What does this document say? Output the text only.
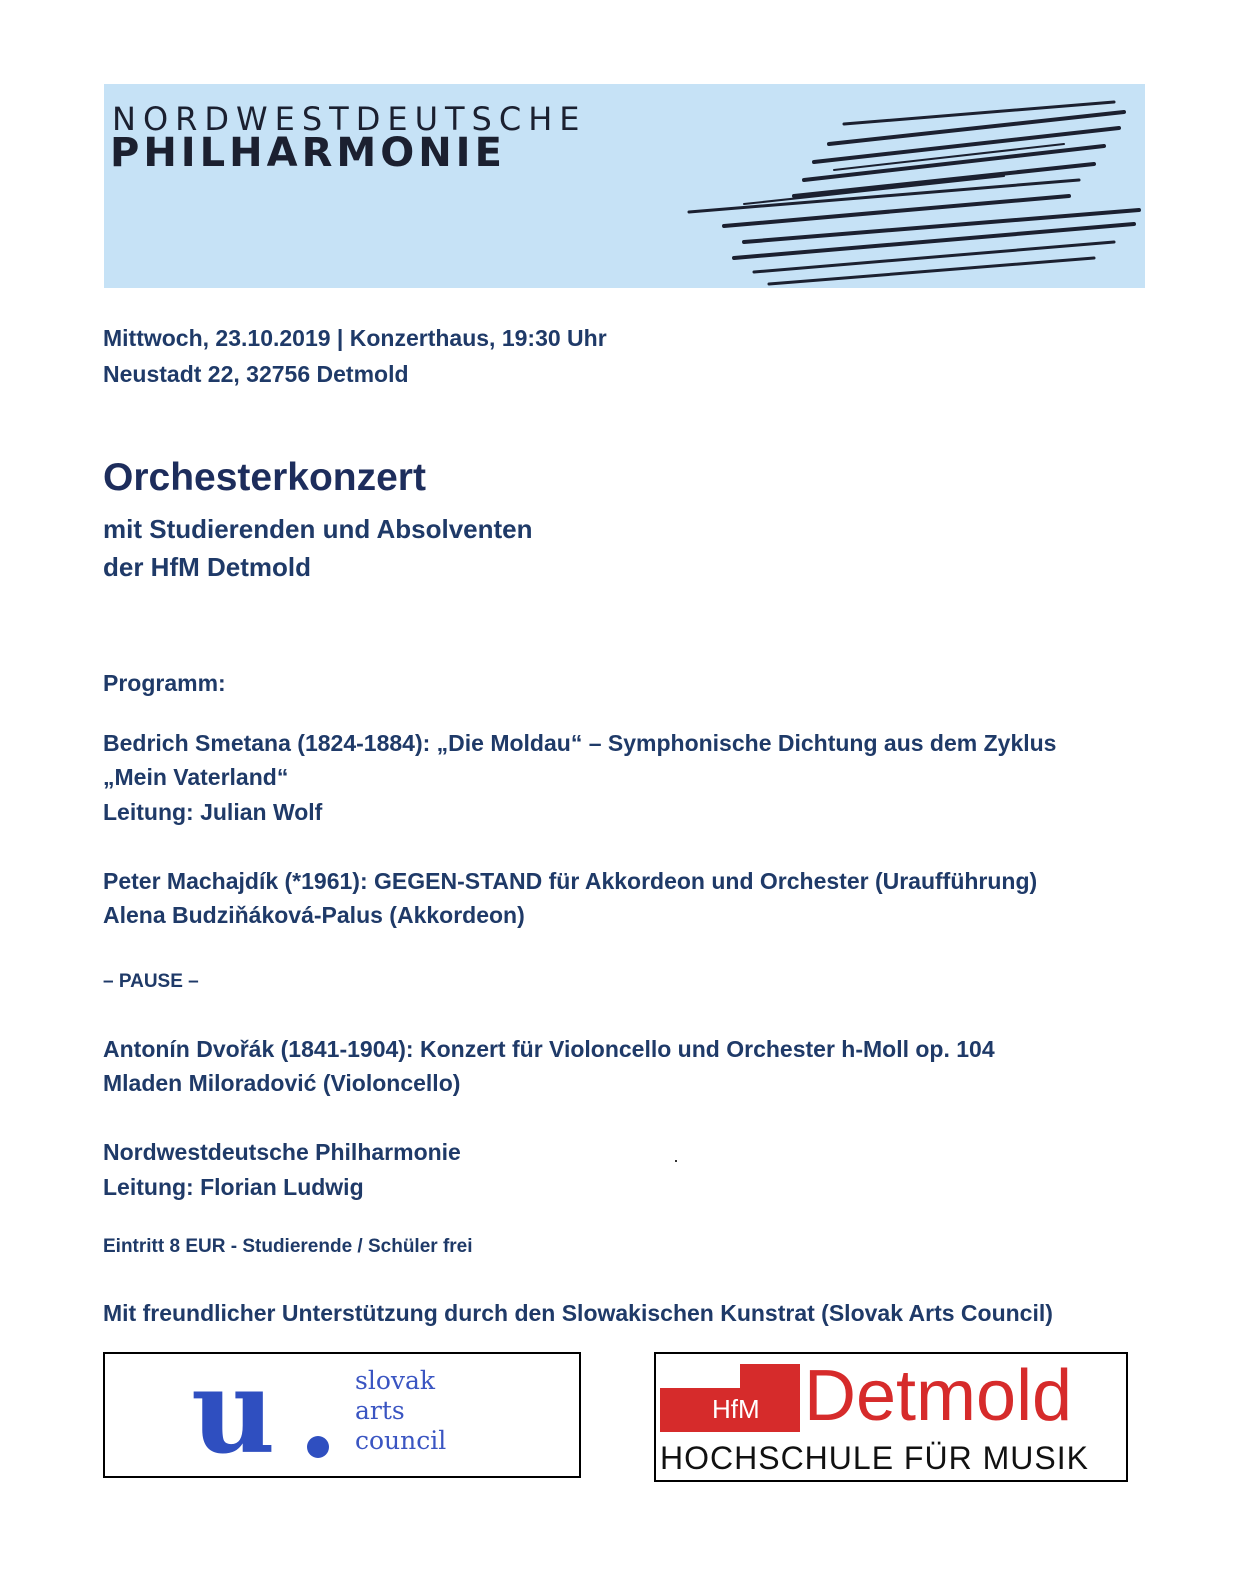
NORDWESTDEUTSCHE
PHILHARMONIE
Mittwoch, 23.10.2019 | Konzerthaus, 19:30 Uhr
Neustadt 22, 32756 Detmold
Orchesterkonzert
mit Studierenden und Absolventen
der HfM Detmold
Programm:
Bedrich Smetana (1824-1884): „Die Moldau“ – Symphonische Dichtung aus dem Zyklus
„Mein Vaterland“
Leitung: Julian Wolf
Peter Machajdík (*1961): GEGEN-STAND für Akkordeon und Orchester (Uraufführung)
Alena Budziňáková-Palus (Akkordeon)
– PAUSE –
Antonín Dvořák (1841-1904): Konzert für Violoncello und Orchester h-Moll op. 104
Mladen Miloradović (Violoncello)
Nordwestdeutsche Philharmonie
Leitung: Florian Ludwig
Eintritt 8 EUR - Studierende / Schüler frei
Mit freundlicher Unterstützung durch den Slowakischen Kunstrat (Slovak Arts Council)
u	slovak
arts
council
HfM Detmold
HOCHSCHULE FÜR MUSIK
